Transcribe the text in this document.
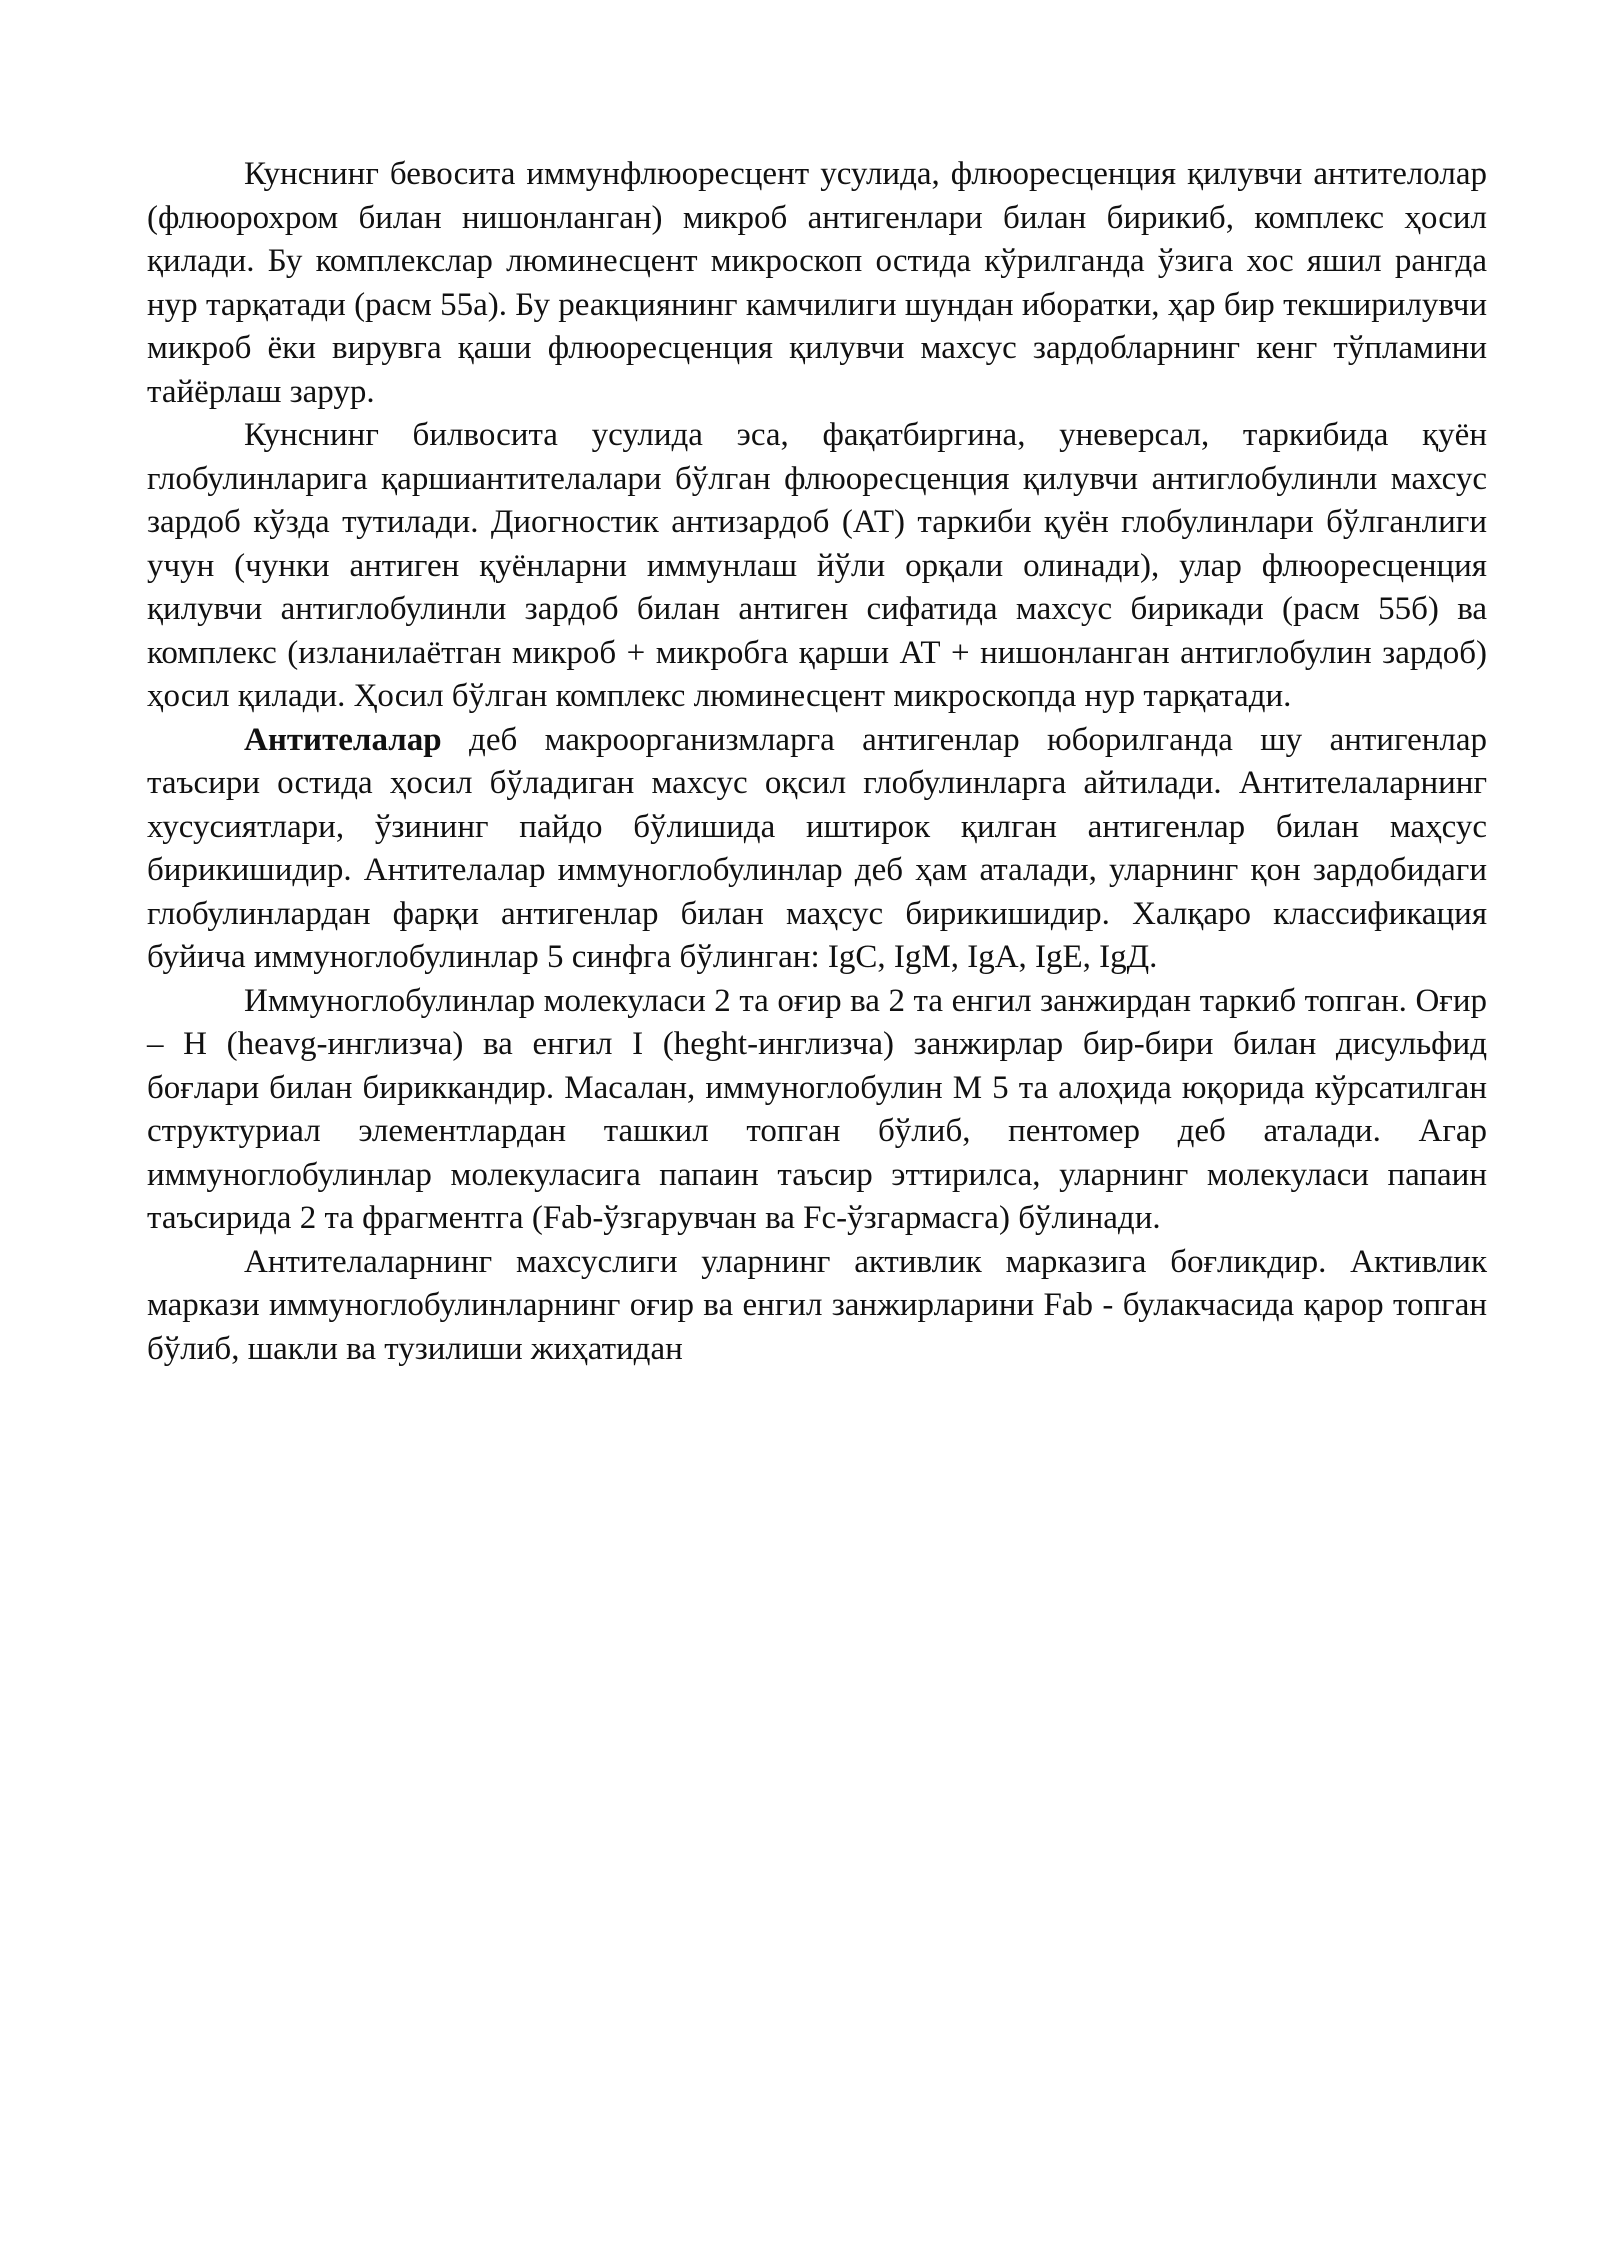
Кунснинг бевосита иммунфлюоресцент усулида, флюоресценция қилувчи антителолар (флюорохром билан нишонланган) микроб антигенлари билан бирикиб, комплекс ҳосил қилади. Бу комплекслар люминесцент микроскоп остида кўрилганда ўзига хос яшил рангда нур тарқатади (расм 55а). Бу реакциянинг камчилиги шундан иборатки, ҳар бир текширилувчи микроб ёки вирувга қаши флюоресценция қилувчи махсус зардобларнинг кенг тўпламини тайёрлаш зарур.

Кунснинг билвосита усулида эса, фақатбиргина, уневерсал, таркибида қуён глобулинларига қаршиантителалари бўлган флюоресценция қилувчи антиглобулинли махсус зардоб кўзда тутилади. Диогностик антизардоб (АТ) таркиби қуён глобулинлари бўлганлиги учун (чунки антиген қуёнларни иммунлаш йўли орқали олинади), улар флюоресценция қилувчи антиглобулинли зардоб билан антиген сифатида махсус бирикади (расм 55б) ва комплекс (изланилаётган микроб + микробга қарши АТ + нишонланган антиглобулин зардоб) ҳосил қилади. Ҳосил бўлган комплекс люминесцент микроскопда нур тарқатади.

Антителалар деб макроорганизмларга антигенлар юборилганда шу антигенлар таъсири остида ҳосил бўладиган махсус оқсил глобулинларга айтилади. Антителаларнинг хусусиятлари, ўзининг пайдо бўлишида иштирок қилган антигенлар билан маҳсус бирикишидир. Антителалар иммуноглобулинлар деб ҳам аталади, уларнинг қон зардобидаги глобулинлардан фарқи антигенлар билан маҳсус бирикишидир. Халқаро классификация буйича иммуноглобулинлар 5 синфга бўлинган: IgC, IgM, IgA, IgE, IgД.

Иммуноглобулинлар молекуласи 2 та оғир ва 2 та енгил занжирдан таркиб топган. Оғир – H (heavg-инглизча) ва енгил I (heght-инглизча) занжирлар бир-бири билан дисульфид боғлари билан бириккандир. Масалан, иммуноглобулин M 5 та алоҳида юқорида кўрсатилган структуриал элементлардан ташкил топган бўлиб, пентомер деб аталади. Агар иммуноглобулинлар молекуласига папаин таъсир эттирилса, уларнинг молекуласи папаин таъсирида 2 та фрагментга (Fab-ўзгарувчан ва Fc-ўзгармасга) бўлинади.

Антителаларнинг махсуслиги уларнинг активлик марказига боғликдир. Активлик маркази иммуноглобулинларнинг оғир ва енгил занжирларини Fab - булакчасида қарор топган бўлиб, шакли ва тузилиши жиҳатидан
